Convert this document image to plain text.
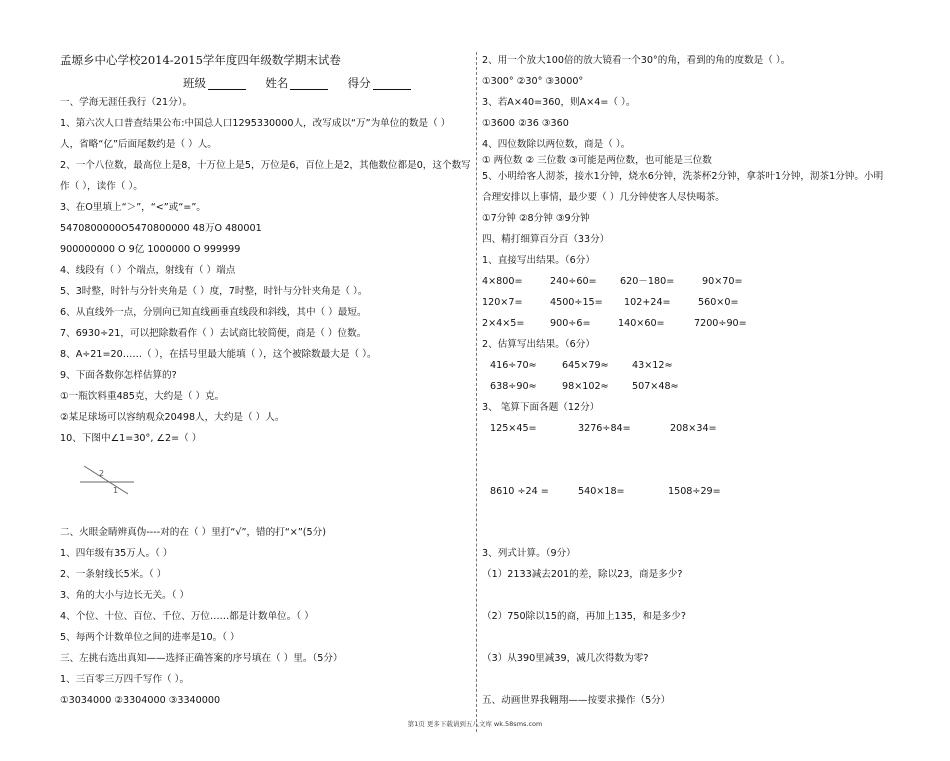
孟塬乡中心学校2014-2015学年度四年级数学期末试卷
班级	姓名	得分
一、学海无涯任我行（21分）。
1、第六次人口普查结果公布:中国总人口1295330000人，改写成以“万”为单位的数是（ ）
人，省略“亿”后面尾数约是（ ）人。
2、一个八位数，最高位上是8，十万位上是5，万位是6，百位上是2，其他数位都是0，这个数写
作（ ），读作（ ）。
3、在O里填上“＞”，“<”或“=”。
5470800000O5470800000 48万O 480001
900000000 O 9亿 1000000 O 999999
4、线段有（ ）个端点，射线有（ ）端点
5、3时整，时针与分针夹角是（ ）度，7时整，时针与分针夹角是（ ）。
6、从直线外一点，分别向已知直线画垂直线段和斜线，其中（ ）最短。
7、6930÷21，可以把除数看作（ ）去试商比较简便，商是（ ）位数。
8、A÷21=20……（ ），在括号里最大能填（ ），这个被除数最大是（ ）。
9、下面各数你怎样估算的?
①一瓶饮料重485克，大约是（ ）克。
②某足球场可以容纳观众20498人，大约是（ ）人。
10、下图中∠1=30°, ∠2=（ ）
2
1
二、火眼金睛辨真伪----对的在（ ）里打“√”，错的打“×”(5分)
1、四年级有35万人。（ ）
2、一条射线长5米。（ ）
3、角的大小与边长无关。（ ）
4、个位、十位、百位、千位、万位……都是计数单位。（ ）
5、每两个计数单位之间的进率是10。（ ）
三、左挑右选出真知——选择正确答案的序号填在（ ）里。（5分）
1、三百零三万四千写作（ ）。
①3034000 ②3304000 ③3340000
2、用一个放大100倍的放大镜看一个30°的角，看到的角的度数是（ ）。
①300° ②30° ③3000°
3、若A×40=360，则A×4=（ ）。
①3600 ②36 ③360
4、四位数除以两位数，商是（ ）。
① 两位数 ② 三位数 ③可能是两位数，也可能是三位数
5、小明给客人沏茶，接水1分钟，烧水6分钟，洗茶杯2分钟，拿茶叶1分钟，沏茶1分钟。小明
合理安排以上事情，最少要（ ）几分钟使客人尽快喝茶。
①7分钟 ②8分钟 ③9分钟
四、精打细算百分百（33分）
1、直接写出结果。（6分）
4×800=	240÷60= 620－180=	90×70=
120×7=	4500÷15= 102+24=	560×0=
2×4×5=	900÷6=	140×60=	7200÷90=
2、估算写出结果。（6分）
416÷70≈	645×79≈ 43×12≈
638÷90≈	98×102≈ 507×48≈
3、 笔算下面各题（12分）
125×45=	3276÷84=	208×34=
8610 ÷24 =	540×18=	1508÷29=
3、列式计算。（9分）
（1）2133减去201的差，除以23，商是多少?
（2）750除以15的商，再加上135，和是多少?
（3）从390里减39，减几次得数为零?
五、动画世界我翱翔——按要求操作（5分）
第1页 更多下载请到五八文库 wk.58sms.com
